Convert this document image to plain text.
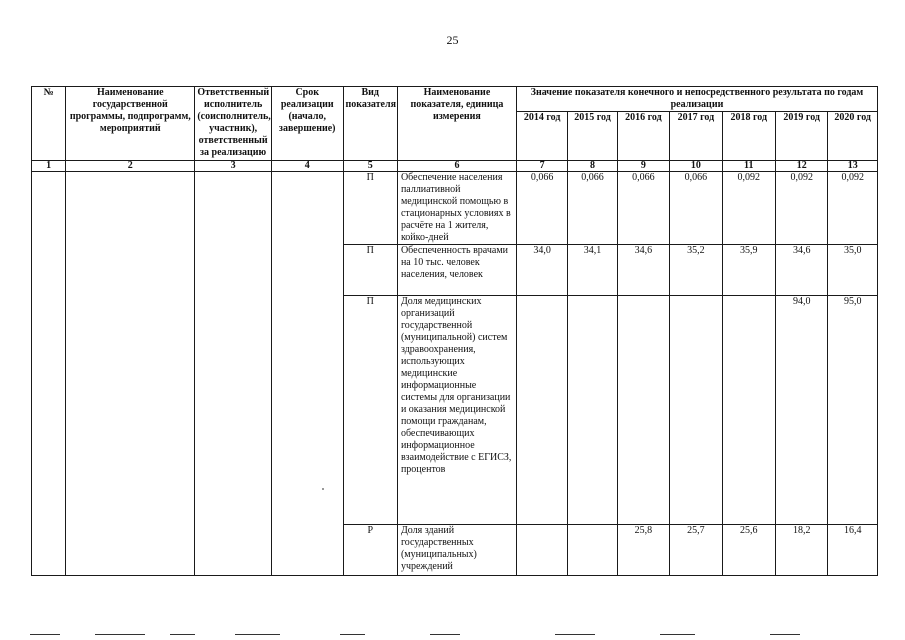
25
№	Наименование государственной программы, подпрограмм, мероприятий	Ответственный исполнитель (соисполнитель, участник), ответственный за реализацию	Срок реализации (начало, завершение)	Вид показателя	Наименование показателя, единица измерения	Значение показателя конечного и непосредственного результата по годам реализации						
						2014 год	2015 год	2016 год	2017 год	2018 год	2019 год	2020 год
1	2	3	4	5	6	7	8	9	10	11	12	13
				П	Обеспечение населения паллиативной медицинской помощью в стационарных условиях в расчёте на 1 жителя, койко-дней	0,066	0,066	0,066	0,066	0,092	0,092	0,092
				П	Обеспеченность врачами на 10 тыс. человек населения, человек	34,0	34,1	34,6	35,2	35,9	34,6	35,0
				П	Доля медицинских организаций государственной (муниципальной) систем здравоохранения, использующих медицинские информационные системы для организации и оказания медицинской помощи гражданам, обеспечивающих информационное взаимодействие с ЕГИСЗ, процентов						94,0	95,0
				Р	Доля зданий государственных (муниципальных) учреждений			25,8	25,7	25,6	18,2	16,4
